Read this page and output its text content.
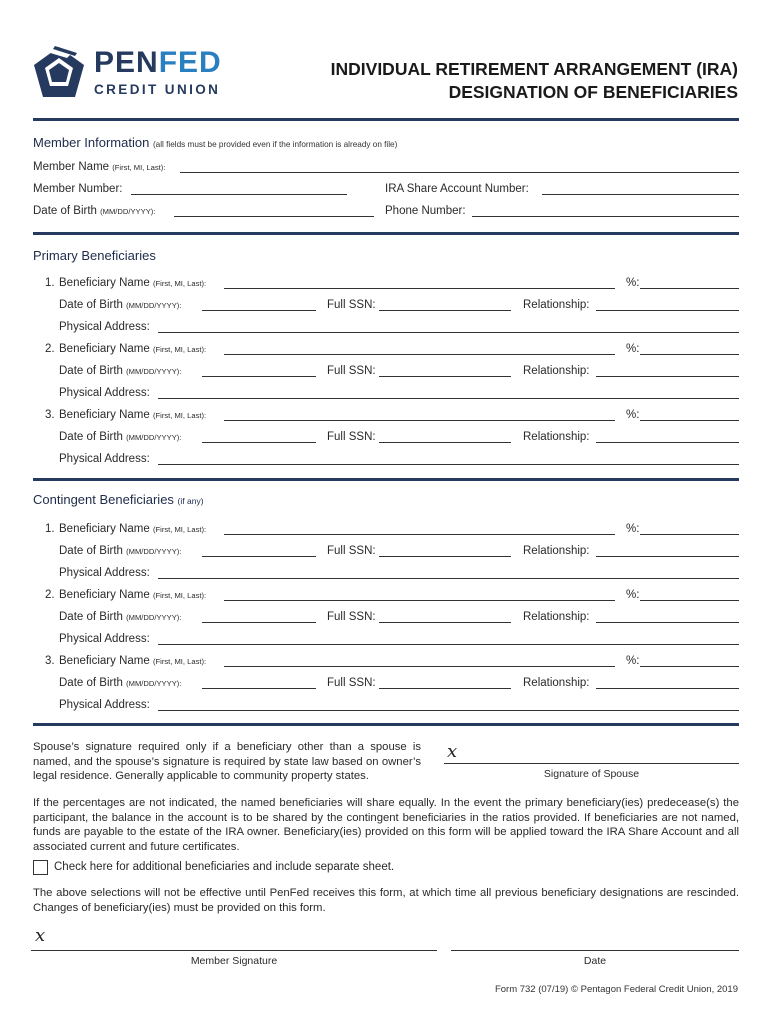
PENFED
CREDIT UNION
INDIVIDUAL RETIREMENT ARRANGEMENT (IRA)
DESIGNATION OF BENEFICIARIES
Member Information (all fields must be provided even if the information is already on file)
Member Name (First, MI, Last):
Member Number:	IRA Share Account Number:
Date of Birth (MM/DD/YYYY):	Phone Number:
Primary Beneficiaries
1. Beneficiary Name (First, MI, Last):	%:
Date of Birth (MM/DD/YYYY):	Full SSN:	Relationship:
Physical Address:
2. Beneficiary Name (First, MI, Last):	%:
Date of Birth (MM/DD/YYYY):	Full SSN:	Relationship:
Physical Address:
3. Beneficiary Name (First, MI, Last):	%:
Date of Birth (MM/DD/YYYY):	Full SSN:	Relationship:
Physical Address:
Contingent Beneficiaries (if any)
1. Beneficiary Name (First, MI, Last):	%:
Date of Birth (MM/DD/YYYY):	Full SSN:	Relationship:
Physical Address:
2. Beneficiary Name (First, MI, Last):	%:
Date of Birth (MM/DD/YYYY):	Full SSN:	Relationship:
Physical Address:
3. Beneficiary Name (First, MI, Last):	%:
Date of Birth (MM/DD/YYYY):	Full SSN:	Relationship:
Physical Address:
Spouse’s signature required only if a beneficiary other than a spouse is named, and the spouse’s signature is required by state law based on owner’s legal residence. Generally applicable to community property states.
x
Signature of Spouse
If the percentages are not indicated, the named beneficiaries will share equally. In the event the primary beneficiary(ies) predecease(s) the participant, the balance in the account is to be shared by the contingent beneficiaries in the ratios provided. If beneficiaries are not named, funds are payable to the estate of the IRA owner. Beneficiary(ies) provided on this form will be applied toward the IRA Share Account and all associated current and future certificates.
Check here for additional beneficiaries and include separate sheet.
The above selections will not be effective until PenFed receives this form, at which time all previous beneficiary designations are rescinded. Changes of beneficiary(ies) must be provided on this form.
x
Member Signature	Date
Form 732 (07/19) © Pentagon Federal Credit Union, 2019
